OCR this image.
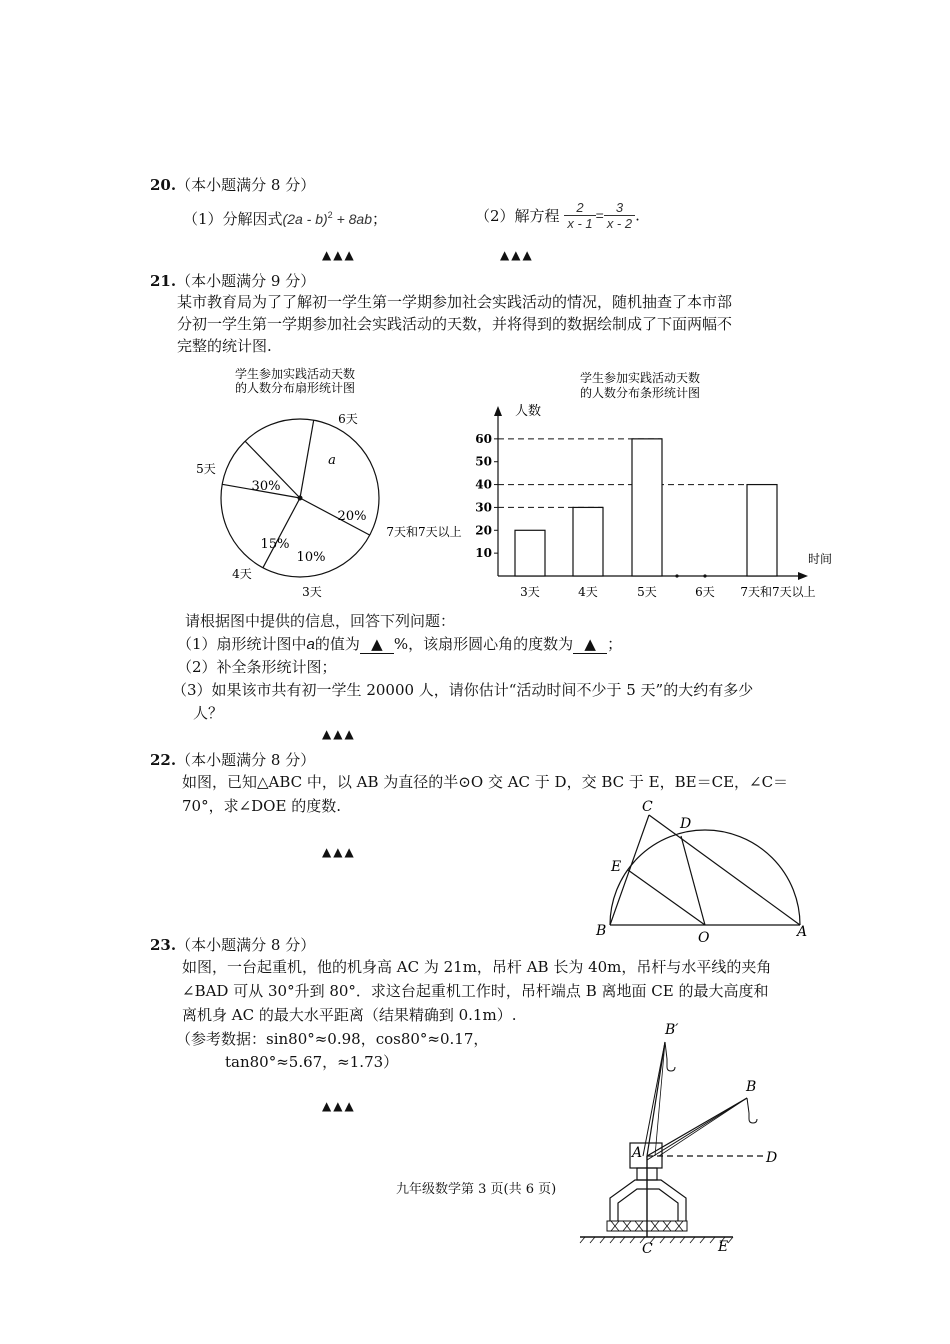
20.（本小题满分 8 分）
（1）分解因式(2a - b)$^2$ + 8ab；	（2）解方程 $\frac{2}{x - 1} = \frac{3}{x - 2}$ .
▲▲▲	▲▲▲
21.（本小题满分 9 分）
某市教育局为了了解初一学生第一学期参加社会实践活动的情况，随机抽查了本市部
分初一学生第一学期参加社会实践活动的天数，并将得到的数据绘制成了下面两幅不
完整的统计图.
学生参加实践活动天数
的人数分布扇形统计图
6天
5天
7天和7天以上
4天
3天
a
30%
20%
15%
10%
学生参加实践活动天数
的人数分布条形统计图
人数
时间
10
20
30
40
50
60
3天	4天	5天	6天 7天和7天以上
请根据图中提供的信息，回答下列问题：
（1）扇形统计图中a的值为 ▲ %，该扇形圆心角的度数为 ▲ ；
（2）补全条形统计图；
（3）如果该市共有初一学生 20000 人，请你估计“活动时间不少于 5 天”的大约有多少
人？
▲▲▲
22.（本小题满分 8 分）
如图，已知△ABC 中，以 AB 为直径的半⊙O 交 AC 于 D，交 BC 于 E，BE＝CE，∠C＝
70°，求∠DOE 的度数.
▲▲▲
C
D
E
B	O	A
23.（本小题满分 8 分）
如图，一台起重机，他的机身高 AC 为 21m，吊杆 AB 长为 40m，吊杆与水平线的夹角
∠BAD 可从 30°升到 80°．求这台起重机工作时，吊杆端点 B 离地面 CE 的最大高度和
离机身 AC 的最大水平距离（结果精确到 0.1m）.
（参考数据：sin80°≈0.98，cos80°≈0.17，
tan80°≈5.67，≈1.73）
▲▲▲
B′
B
A	D
C	E
九年级数学第 3 页(共 6 页)
